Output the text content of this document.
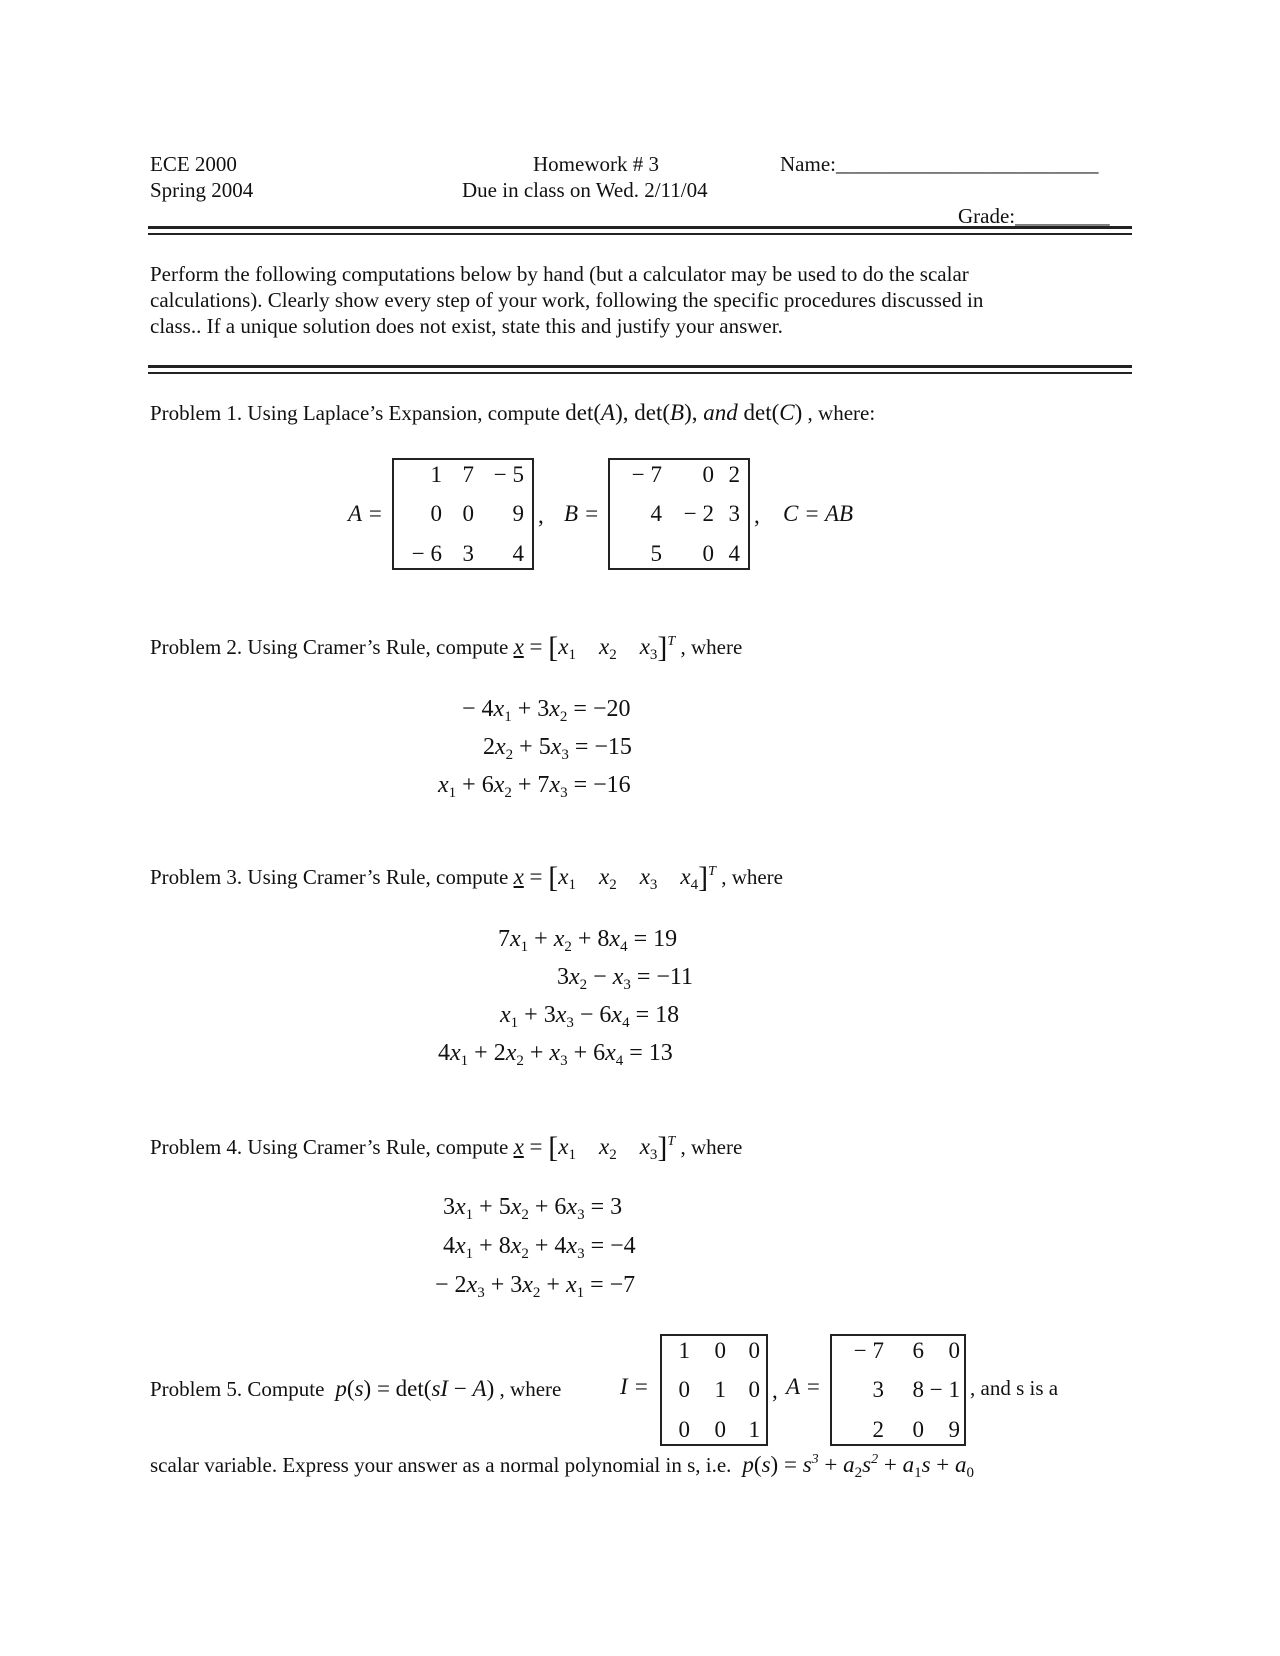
ECE 2000
Spring 2004
Homework # 3
Due in class on Wed. 2/11/04
Name:_________________________
Grade:_________
Perform the following computations below by hand (but a calculator may be used to do the scalar
calculations). Clearly show every step of your work, following the specific procedures discussed in
class.. If a unique solution does not exist, state this and justify your answer.
Problem 1. Using Laplace’s Expansion, compute det(A), det(B), and det(C) , where:
A =
1 7 − 5
0 0	9
− 6 3	4
, B =
− 7	0 2
4 − 2 3
5	0 4
, C = AB
Problem 2. Using Cramer’s Rule, compute $x = [x_1$ $x_2$ $x_3]^T$ , where
− $4x_1 + 3x_2 = -20$
$2x_2 + 5x_3 = -15$
$x_1 + 6x_2 + 7x_3 = -16$
Problem 3. Using Cramer’s Rule, compute $x = [x_1$ $x_2$ $x_3$ $x_4]^T$ , where
$7x_1 + x_2 + 8x_4 = 19$
$3x_2 - x_3 = -11$
$x_1 + 3x_3 - 6x_4 = 18$
$4x_1 + 2x_2 + x_3 + 6x_4 = 13$
Problem 4. Using Cramer’s Rule, compute $x = [x_1$ $x_2$ $x_3]^T$ , where
$3x_1 + 5x_2 + 6x_3 = 3$
$4x_1 + 8x_2 + 4x_3 = -4$
− $2x_3 + 3x_2 + x_1 = -7$
Problem 5. Compute p(s) = det(sI − A) , where	I =
1	0 0
0	1 0
0	0 1
, A =
− 7	6	0
3	8 − 1
2	0	9
, and s is a
scalar variable. Express your answer as a normal polynomial in s, i.e. $p(s) = s^3 + a_2s^2 + a_1s + a_0$
